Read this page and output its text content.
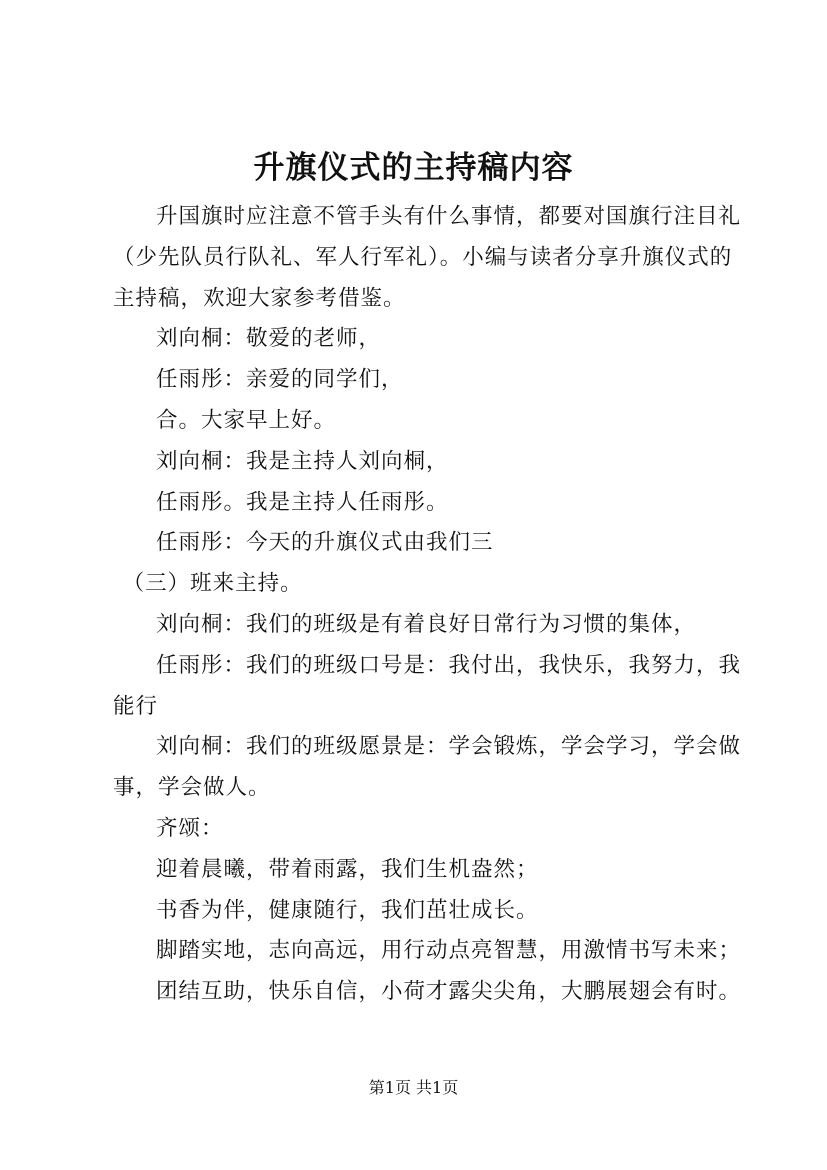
升旗仪式的主持稿内容

升国旗时应注意不管手头有什么事情，都要对国旗行注目礼（少先队员行队礼、军人行军礼）。小编与读者分享升旗仪式的主持稿，欢迎大家参考借鉴。

刘向桐：敬爱的老师，

任雨彤：亲爱的同学们，

合。大家早上好。

刘向桐：我是主持人刘向桐，

任雨彤。我是主持人任雨彤。

任雨彤：今天的升旗仪式由我们三

（三）班来主持。

刘向桐：我们的班级是有着良好日常行为习惯的集体，

任雨彤：我们的班级口号是：我付出，我快乐，我努力，我能行

刘向桐：我们的班级愿景是：学会锻炼，学会学习，学会做事，学会做人。

齐颂：

迎着晨曦，带着雨露，我们生机盎然；

书香为伴，健康随行，我们茁壮成长。

脚踏实地，志向高远，用行动点亮智慧，用激情书写未来；

团结互助，快乐自信，小荷才露尖尖角，大鹏展翅会有时。

第1页 共1页
